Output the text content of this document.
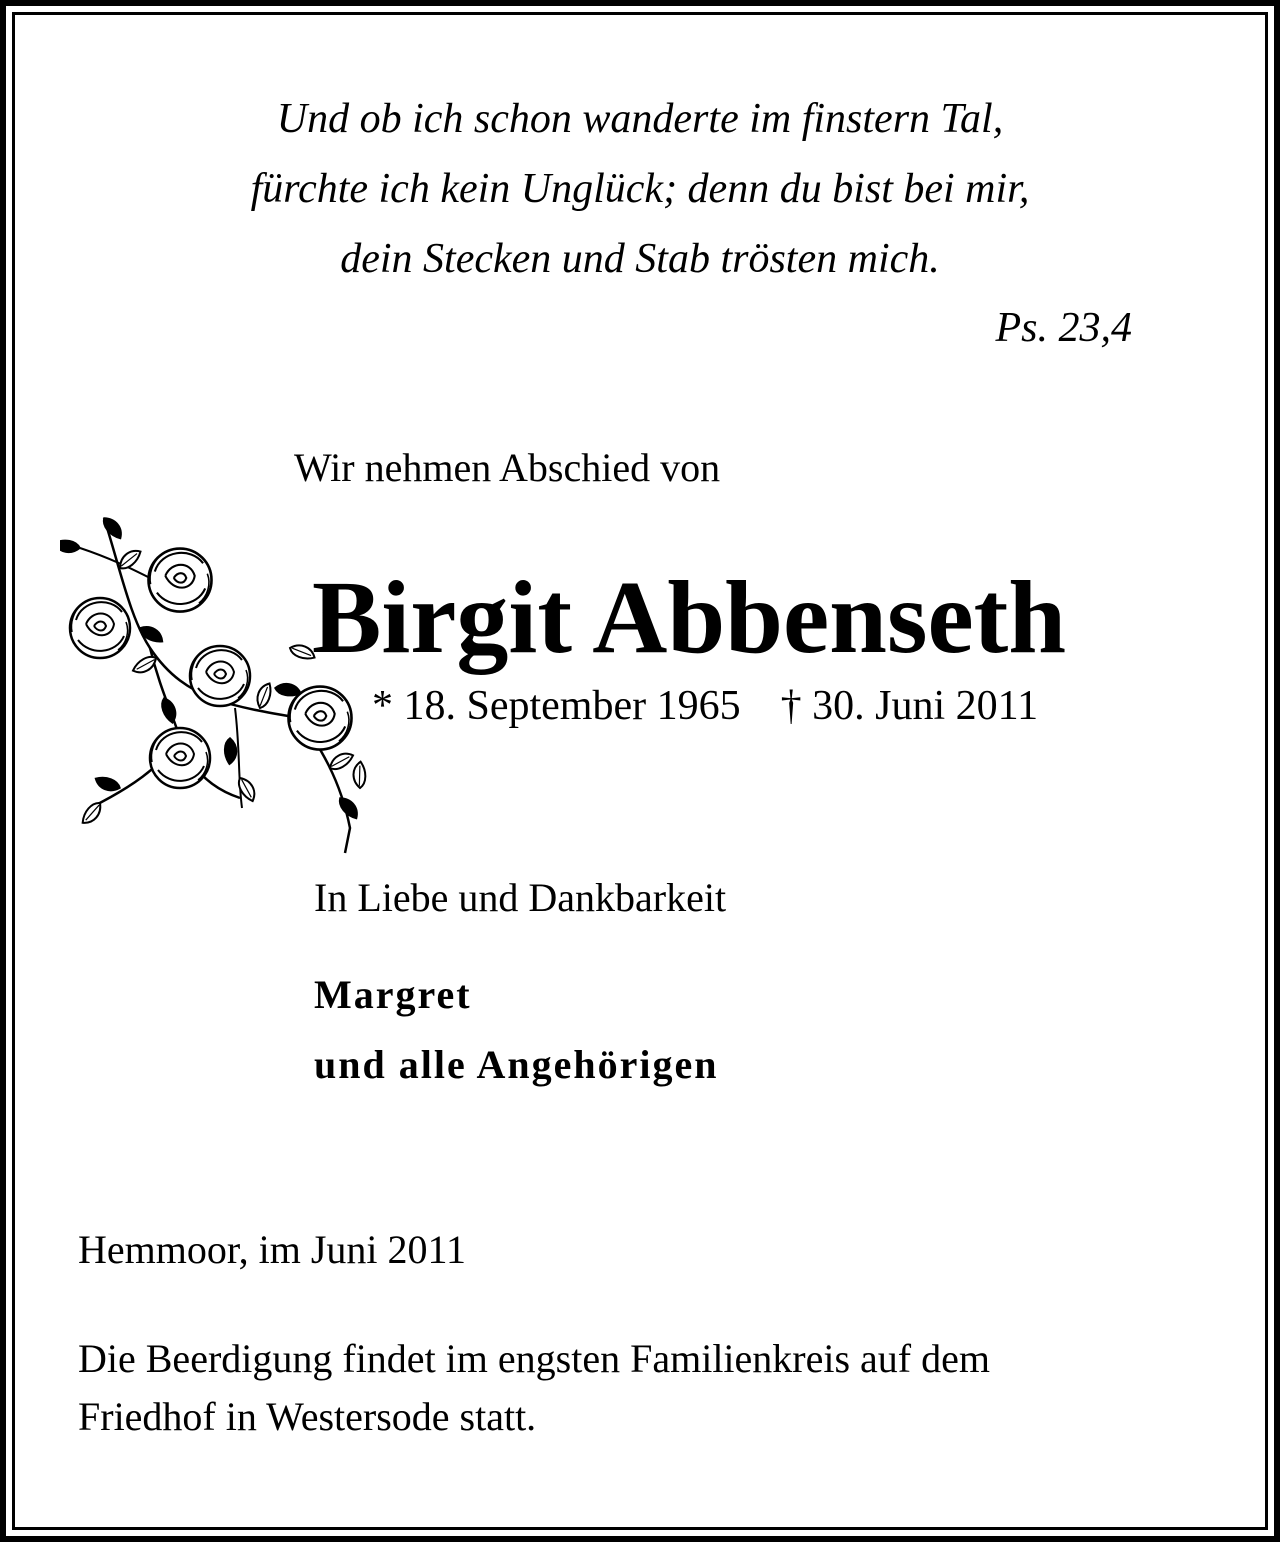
Und ob ich schon wanderte im finstern Tal,
fürchte ich kein Unglück; denn du bist bei mir,
dein Stecken und Stab trösten mich.
Ps. 23,4
Wir nehmen Abschied von
Birgit Abbenseth
* 18. September 1965 † 30. Juni 2011
In Liebe und Dankbarkeit
Margret
und alle Angehörigen
Hemmoor, im Juni 2011
Die Beerdigung findet im engsten Familienkreis auf dem
Friedhof in Westersode statt.
